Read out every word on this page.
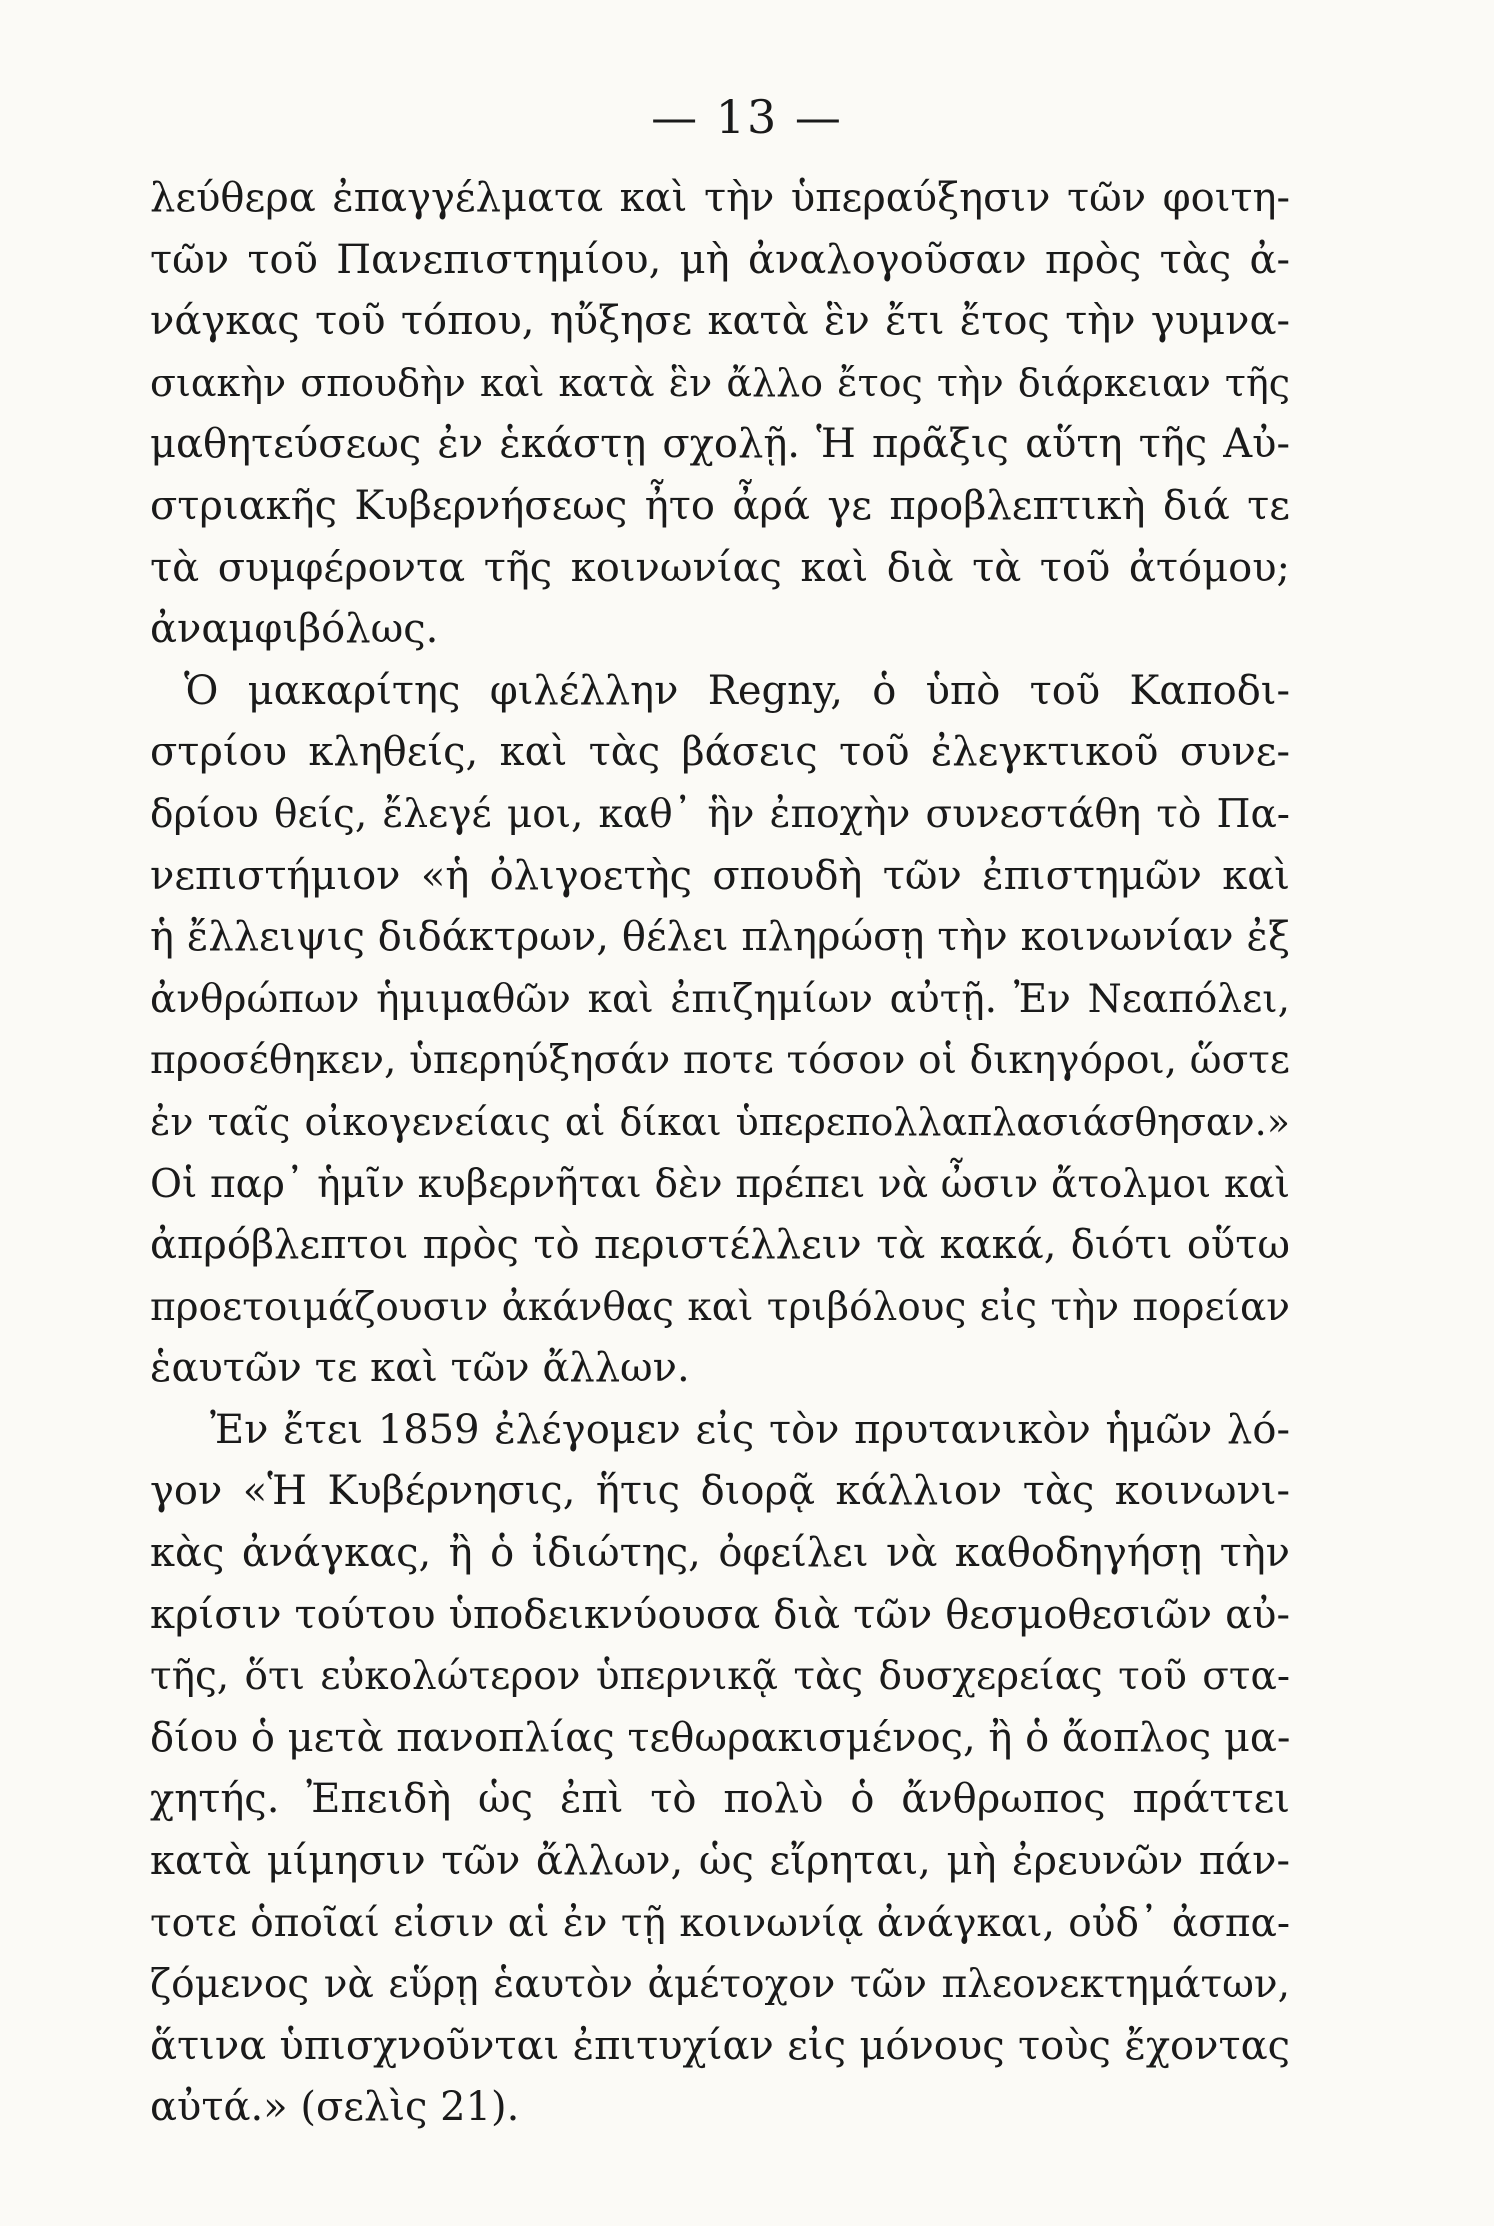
— 13 —
λεύθερα ἐπαγγέλματα καὶ τὴν ὑπεραύξησιν τῶν φοιτη-
τῶν τοῦ Πανεπιστημίου, μὴ ἀναλογοῦσαν πρὸς τὰς ἀ-
νάγκας τοῦ τόπου, ηὔξησε κατὰ ἓν ἔτι ἔτος τὴν γυμνα-
σιακὴν σπουδὴν καὶ κατὰ ἓν ἄλλο ἔτος τὴν διάρκειαν τῆς
μαθητεύσεως ἐν ἑκάστῃ σχολῇ. Ἡ πρᾶξις αὕτη τῆς Αὐ-
στριακῆς Κυβερνήσεως ἦτο ἆρά γε προβλεπτικὴ διά τε
τὰ συμφέροντα τῆς κοινωνίας καὶ διὰ τὰ τοῦ ἀτόμου;
ἀναμφιβόλως.
Ὁ μακαρίτης φιλέλλην Regny, ὁ ὑπὸ τοῦ Καποδι-
στρίου κληθείς, καὶ τὰς βάσεις τοῦ ἐλεγκτικοῦ συνε-
δρίου θείς, ἔλεγέ μοι, καθ᾽ ἣν ἐποχὴν συνεστάθη τὸ Πα-
νεπιστήμιον «ἡ ὀλιγοετὴς σπουδὴ τῶν ἐπιστημῶν καὶ
ἡ ἔλλειψις διδάκτρων, θέλει πληρώσῃ τὴν κοινωνίαν ἐξ
ἀνθρώπων ἡμιμαθῶν καὶ ἐπιζημίων αὐτῇ. Ἐν Νεαπόλει,
προσέθηκεν, ὑπερηύξησάν ποτε τόσον οἱ δικηγόροι, ὥστε
ἐν ταῖς οἰκογενείαις αἱ δίκαι ὑπερεπολλαπλασιάσθησαν.»
Οἱ παρ᾽ ἡμῖν κυβερνῆται δὲν πρέπει νὰ ὦσιν ἄτολμοι καὶ
ἀπρόβλεπτοι πρὸς τὸ περιστέλλειν τὰ κακά, διότι οὕτω
προετοιμάζουσιν ἀκάνθας καὶ τριβόλους εἰς τὴν πορείαν
ἑαυτῶν τε καὶ τῶν ἄλλων.
Ἐν ἔτει 1859 ἐλέγομεν εἰς τὸν πρυτανικὸν ἡμῶν λό-
γον «Ἡ Κυβέρνησις, ἥτις διορᾷ κάλλιον τὰς κοινωνι-
κὰς ἀνάγκας, ἢ ὁ ἰδιώτης, ὀφείλει νὰ καθοδηγήσῃ τὴν
κρίσιν τούτου ὑποδεικνύουσα διὰ τῶν θεσμοθεσιῶν αὐ-
τῆς, ὅτι εὐκολώτερον ὑπερνικᾷ τὰς δυσχερείας τοῦ στα-
δίου ὁ μετὰ πανοπλίας τεθωρακισμένος, ἢ ὁ ἄοπλος μα-
χητής. Ἐπειδὴ ὡς ἐπὶ τὸ πολὺ ὁ ἄνθρωπος πράττει
κατὰ μίμησιν τῶν ἄλλων, ὡς εἴρηται, μὴ ἐρευνῶν πάν-
τοτε ὁποῖαί εἰσιν αἱ ἐν τῇ κοινωνίᾳ ἀνάγκαι, οὐδ᾽ ἀσπα-
ζόμενος νὰ εὕρῃ ἑαυτὸν ἀμέτοχον τῶν πλεονεκτημάτων,
ἅτινα ὑπισχνοῦνται ἐπιτυχίαν εἰς μόνους τοὺς ἔχοντας
αὐτά.» (σελὶς 21).
